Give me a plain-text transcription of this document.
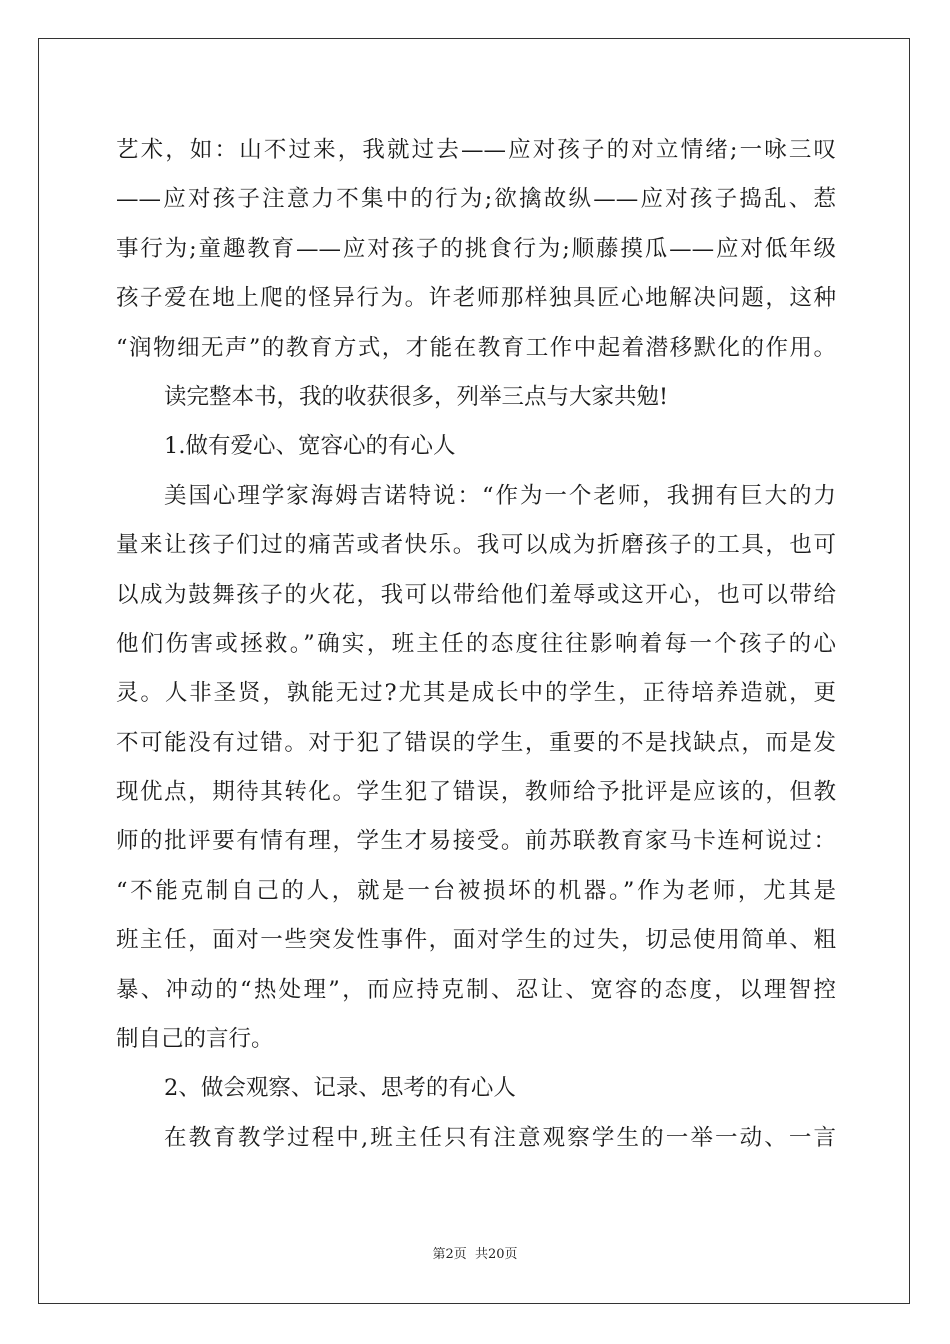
艺术，如：山不过来，我就过去——应对孩子的对立情绪;一咏三叹
——应对孩子注意力不集中的行为;欲擒故纵——应对孩子捣乱、惹
事行为;童趣教育——应对孩子的挑食行为;顺藤摸瓜——应对低年级
孩子爱在地上爬的怪异行为。许老师那样独具匠心地解决问题，这种
“润物细无声”的教育方式，才能在教育工作中起着潜移默化的作用。
读完整本书，我的收获很多，列举三点与大家共勉!
1.做有爱心、宽容心的有心人
美国心理学家海姆吉诺特说：“作为一个老师，我拥有巨大的力
量来让孩子们过的痛苦或者快乐。我可以成为折磨孩子的工具，也可
以成为鼓舞孩子的火花，我可以带给他们羞辱或这开心，也可以带给
他们伤害或拯救。”确实，班主任的态度往往影响着每一个孩子的心
灵。人非圣贤，孰能无过?尤其是成长中的学生，正待培养造就，更
不可能没有过错。对于犯了错误的学生，重要的不是找缺点，而是发
现优点，期待其转化。学生犯了错误，教师给予批评是应该的，但教
师的批评要有情有理，学生才易接受。前苏联教育家马卡连柯说过：
“不能克制自己的人，就是一台被损坏的机器。”作为老师，尤其是
班主任，面对一些突发性事件，面对学生的过失，切忌使用简单、粗
暴、冲动的“热处理”，而应持克制、忍让、宽容的态度，以理智控
制自己的言行。
2、做会观察、记录、思考的有心人
在教育教学过程中,班主任只有注意观察学生的一举一动、一言
第2页  共20页
